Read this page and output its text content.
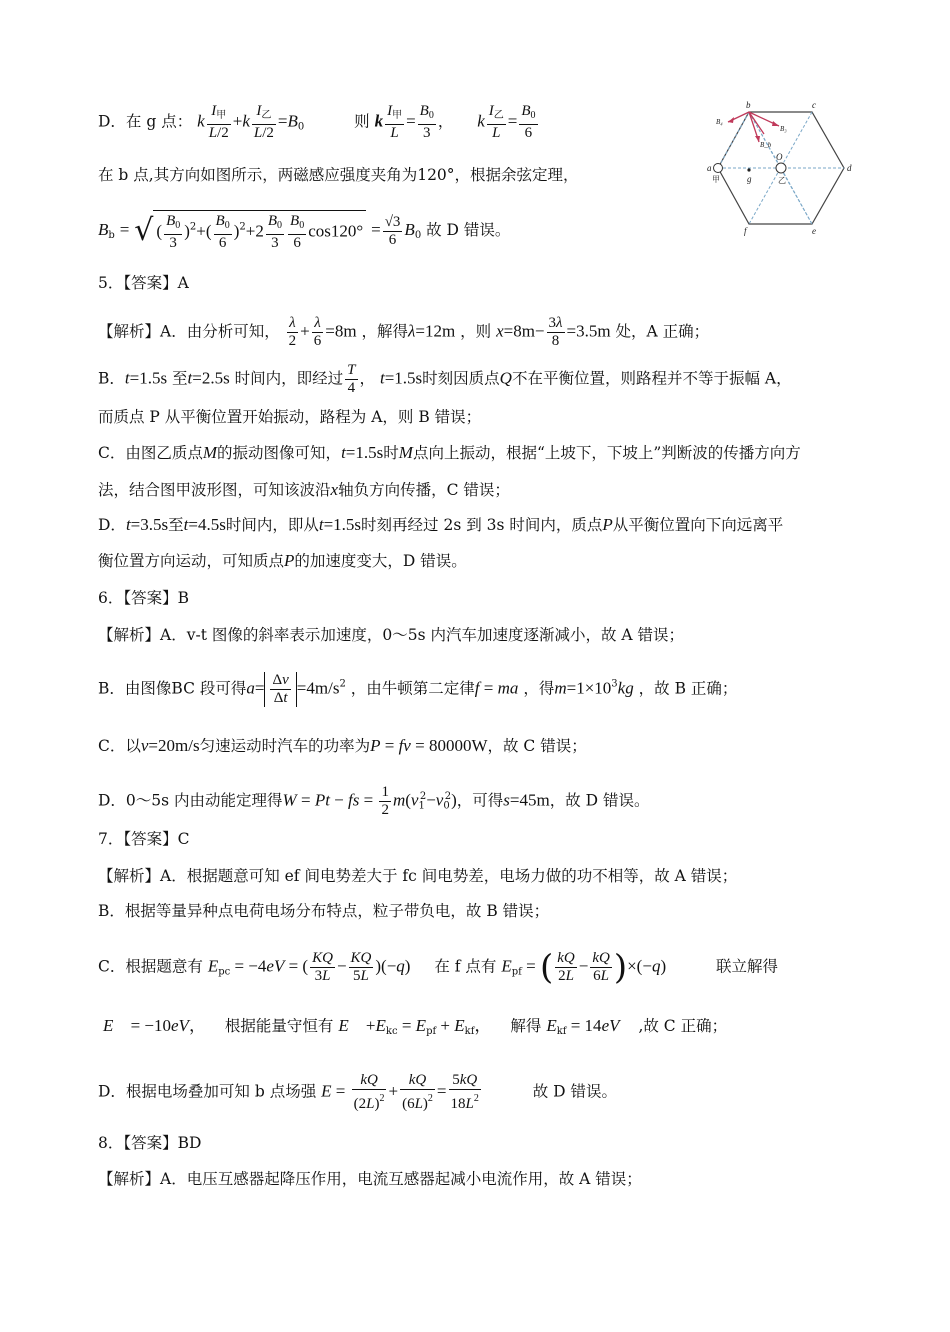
D．在 g 点： k $\frac{I_甲}{L/2} +k \frac{I_乙}{L/2} =B_0$	则 k $\frac{I_甲}{L} = \frac{B_0}{3}$ ，  k $\frac{I_乙}{L} = \frac{B_0}{6}$
在 b 点,其方向如图所示，两磁感应强度夹角为120°，根据余弦定理，
$B_b$ = √ ( $\frac{B_0}{3} )^2+( \frac{B_0}{6} )^2+2 \frac{B_0}{3} \frac{B_0}{6} \cos 120^\circ = \frac{√3}{6} B_0$ 故 D 错误。
5．【答案】A
【解析】A．由分析可知， $\frac{\lambda}{2} + \frac{\lambda}{6} =8m$ ，解得λ=12m ，则 $x=8m- \frac{3\lambda}{8} =3.5m$ 处，A 正确；
B．t=1.5s 至t=2.5s 时间内，即经过 $\frac{T}{4}$ ， t=1.5s时刻因质点Q不在平衡位置，则路程并不等于振幅 A，
而质点 P 从平衡位置开始振动，路程为 A，则 B 错误；
C．由图乙质点M的振动图像可知，t=1.5s时M点向上振动，根据“上坡下，下坡上”判断波的传播方向方
法，结合图甲波形图，可知该波沿x轴负方向传播，C 错误；
D．t=3.5s至t=4.5s时间内，即从t=1.5s时刻再经过 2s 到 3s 时间内，质点P从平衡位置向下向远离平
衡位置方向运动，可知质点P的加速度变大，D 错误。
6．【答案】B
【解析】A．v-t 图像的斜率表示加速度，0～5s 内汽车加速度逐渐减小，故 A 错误；
B．由图像BC 段可得$a= \frac{\Delta v}{\Delta t} =4m/s^2$ ，由牛顿第二定律f = ma ，得$m=1\times 10^3kg$ ，故 B 正确；
C．以v=20m/s匀速运动时汽车的功率为P = fv = 80000W，故 C 错误；
D．0～5s 内由动能定理得W = Pt − fs = $\frac{1}{2} m(v_1^2-v_0^2)$，可得s=45m，故 D 错误。
7．【答案】C
【解析】A．根据题意可知 ef 间电势差大于 fc 间电势差，电场力做的功不相等，故 A 错误；
B．根据等量异种点电荷电场分布特点，粒子带负电，故 B 错误；
C．根据题意有 $E_{pc} = -4eV$ = ( $\frac{KQ}{3L} - \frac{KQ}{5L} )(-q)$ 在 f 点有 $E_{pf}$ = ( $\frac{kQ}{2L} - \frac{kQ}{6L} )\times(-q)$	联立解得
E = −10eV， 根据能量守恒有 $E +E_{kc} = E_{pf} + E_{kf}$， 解得 $E_{kf} = 14eV$ ,故 C 正确；
D．根据电场叠加可知 b 点场强 $E = \frac{kQ}{(2L)^2} + \frac{kQ}{(6L)^2} = \frac{5kQ}{18L^2}$	故 D 错误。
8．【答案】BD
【解析】A．电压互感器起降压作用，电流互感器起减小电流作用，故 A 错误；
b	c
d
e
f
a
g
O
B₄
B₃
B_b
甲	乙
